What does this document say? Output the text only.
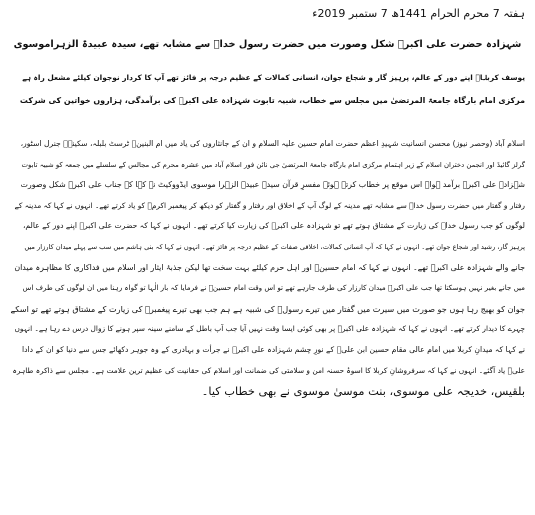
ہفتہ 7 محرم الحرام 1441ھ 7 ستمبر 2019ء
شہزادہ حضرت علی اکبرؑ شکل وصورت میں حضرت رسول خداؐ سے مشابہ تھے، سیدہ عبیدۃ الزہراموسوی

یوسف کربلاؑ اپنے دور کے عالم، پرہیز گار و شجاع جوان، انسانی کمالات کے عظیم درجہ پر فائز تھے آپ کا کردار نوجوان کیلئے مشعل راہ ہے

مرکزی امام بارگاہ جامعۃ المرتضیٰ میں مجلس سے خطاب، شبیہ تابوت شہزادہ علی اکبرؑ کی برآمدگی، ہزاروں خواتین کی شرکت

اسلام آباد (وحصر نیوز) محسن انسانیت شہیدِ اعظم حضرت امام حسین علیہ السلام و ان کے جانثاروں کی یاد میں ام البنینؑ ٹرسٹ بلبلہ، سکینہؑ جنرل اسٹور،

گرلز گائیڈ اور انجمن دختران اسلام کے زیر اہتمام مرکزی امام بارگاہ جامعۃ المرتضیٰ جی نائن فور اسلام آباد میں عشرہ محرم کی مجالس کے سلسلے میں جمعہ کو شبیہ تابوت

شہزادہ علی اکبرؑ برآمد ہوا۔ اس موقع پر خطاب کرتے ہوئے مفسرِ قرآن سیدہ عبیدۃ الزہرا موسوی ایڈووکیٹ نے کہا کہ جناب علی اکبرؑ شکل وصورت

رفتار و گفتار میں حضرت رسول خداؐ سے مشابہ تھے مدینہ کے لوگ آپ کے اخلاق اور رفتار و گفتار کو دیکھ کر پیغمبر اکرمؐ کو یاد کرتے تھے۔ انہوں نے کہا کہ مدینہ کے

لوگوں کو جب رسول خداؐ کی زیارت کے مشتاق ہوتے تھے تو شہزادہ علی اکبرؑ کی زیارت کیا کرتے تھے۔ انہوں نے کہا کہ حضرت علی اکبرؑ اپنے دور کے عالم،

پرہیز گار، رشید اور شجاع جوان تھے۔ انہوں نے کہا کہ آپ انسانی کمالات، اخلاقی صفات کے عظیم درجہ پر فائز تھے۔ انہوں نے کہا کہ بنی ہاشم میں سب سے پہلے میدان کارزار میں

جانے والے شہزادہ علی اکبرؑ تھے۔ انہوں نے کہا کہ امام حسینؑ اور اہل حرم کیلئے بہت سخت تھا لیکن جذبۂ ایثار اور اسلام میں فداکاری کا مظاہرہ میدان

میں جانے بغیر نہیں ہوسکتا تھا جب علی اکبرؑ میدان کارزار کی طرف جارہے تھے تو اس وقت امام حسینؑ نے فرمایا کہ بار الٰہا تو گواہ رہنا میں ان لوگوں کی طرف اس

جوان کو بھیج رہا ہوں جو صورت میں سیرت میں گفتار میں تیرے رسولؐ کی شبیہ ہے ہم جب بھی تیرے پیغمبرؐ کی زیارت کے مشتاق ہوتے تھے تو اسکے

چہرے کا دیدار کرتے تھے۔ انہوں نے کہا کہ شہزادہ علی اکبرؑ پر بھی کوئی ایسا وقت نہیں آیا جب آپ باطل کے سامنے سینہ سپر ہونے کا زوال درس دے رہا ہے۔ انہوں

نے کہا کہ میدانِ کربلا میں امام عالی مقام حسین ابن علیؑ کے نورِ چشم شہزادہ علی اکبرؑ نے جرأت و بہادری کے وہ جوہر دکھائے جس سے دنیا کو ان کے دادا

علیؑ یاد آگئے۔ انہوں نے کہا کہ سرفروشانِ کربلا کا اسوۂ حسنہ امن و سلامتی کی ضمانت اور اسلام کی حقانیت کی عظیم ترین علامت ہے۔ مجلس سے ذاکرہ طاہرہ

بلقیس، خدیجہ علی موسوی، بنت موسیٰ موسوی نے بھی خطاب کیا۔
